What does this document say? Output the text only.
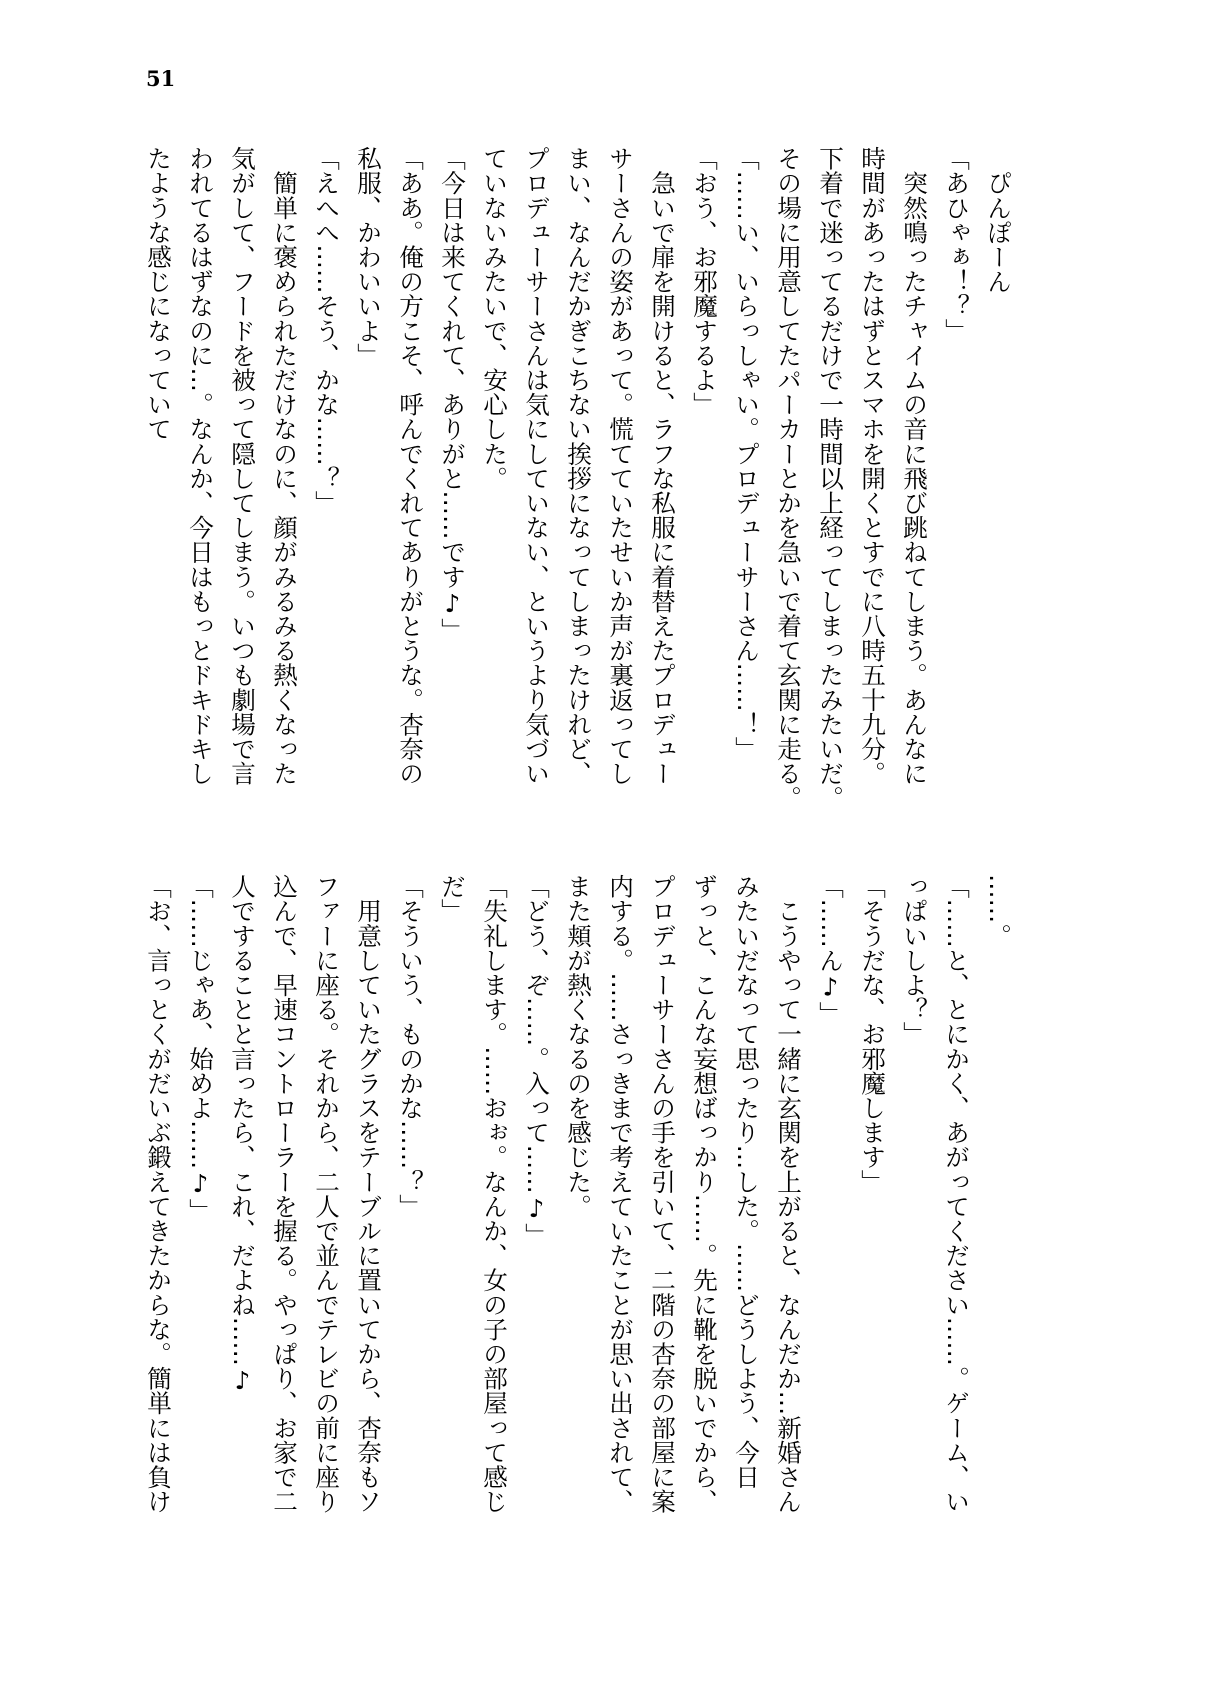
51
　ぴんぽーん
「あひゃぁ！？」
　突然鳴ったチャイムの音に飛び跳ねてしまう。あんなに
時間があったはずとスマホを開くとすでに八時五十九分。
下着で迷ってるだけで一時間以上経ってしまったみたいだ。
その場に用意してたパーカーとかを急いで着て玄関に走る。
「……い、いらっしゃい。プロデューサーさん……！」
「おう、お邪魔するよ」
　急いで扉を開けると、ラフな私服に着替えたプロデュー
サーさんの姿があって。慌てていたせいか声が裏返ってし
まい、なんだかぎこちない挨拶になってしまったけれど、
プロデューサーさんは気にしていない、というより気づい
ていないみたいで、安心した。
「今日は来てくれて、ありがと……です♪」
「ああ。俺の方こそ、呼んでくれてありがとうな。杏奈の
私服、かわいいよ」
「えへへ……そう、かな……？」
　簡単に褒められただけなのに、顔がみるみる熱くなった
気がして、フードを被って隠してしまう。いつも劇場で言
われてるはずなのに…。なんか、今日はもっとドキドキし
たような感じになっていて
……。
「……と、とにかく、あがってください……。ゲーム、い
っぱいしよ？」
「そうだな、お邪魔します」
「……ん♪」
　こうやって一緒に玄関を上がると、なんだか…新婚さん
みたいだなって思ったり…した。……どうしよう、今日
ずっと、こんな妄想ばっかり……。先に靴を脱いでから、
プロデューサーさんの手を引いて、二階の杏奈の部屋に案
内する。……さっきまで考えていたことが思い出されて、
また頬が熱くなるのを感じた。
「どう、ぞ……。入って……♪」
「失礼します。……おぉ。なんか、女の子の部屋って感じ
だ」
「そういう、ものかな……？」
　用意していたグラスをテーブルに置いてから、杏奈もソ
ファーに座る。それから、二人で並んでテレビの前に座り
込んで、早速コントローラーを握る。やっぱり、お家で二
人ですることと言ったら、これ、だよね……♪
「……じゃあ、始めよ……♪」
「お、言っとくがだいぶ鍛えてきたからな。簡単には負け
